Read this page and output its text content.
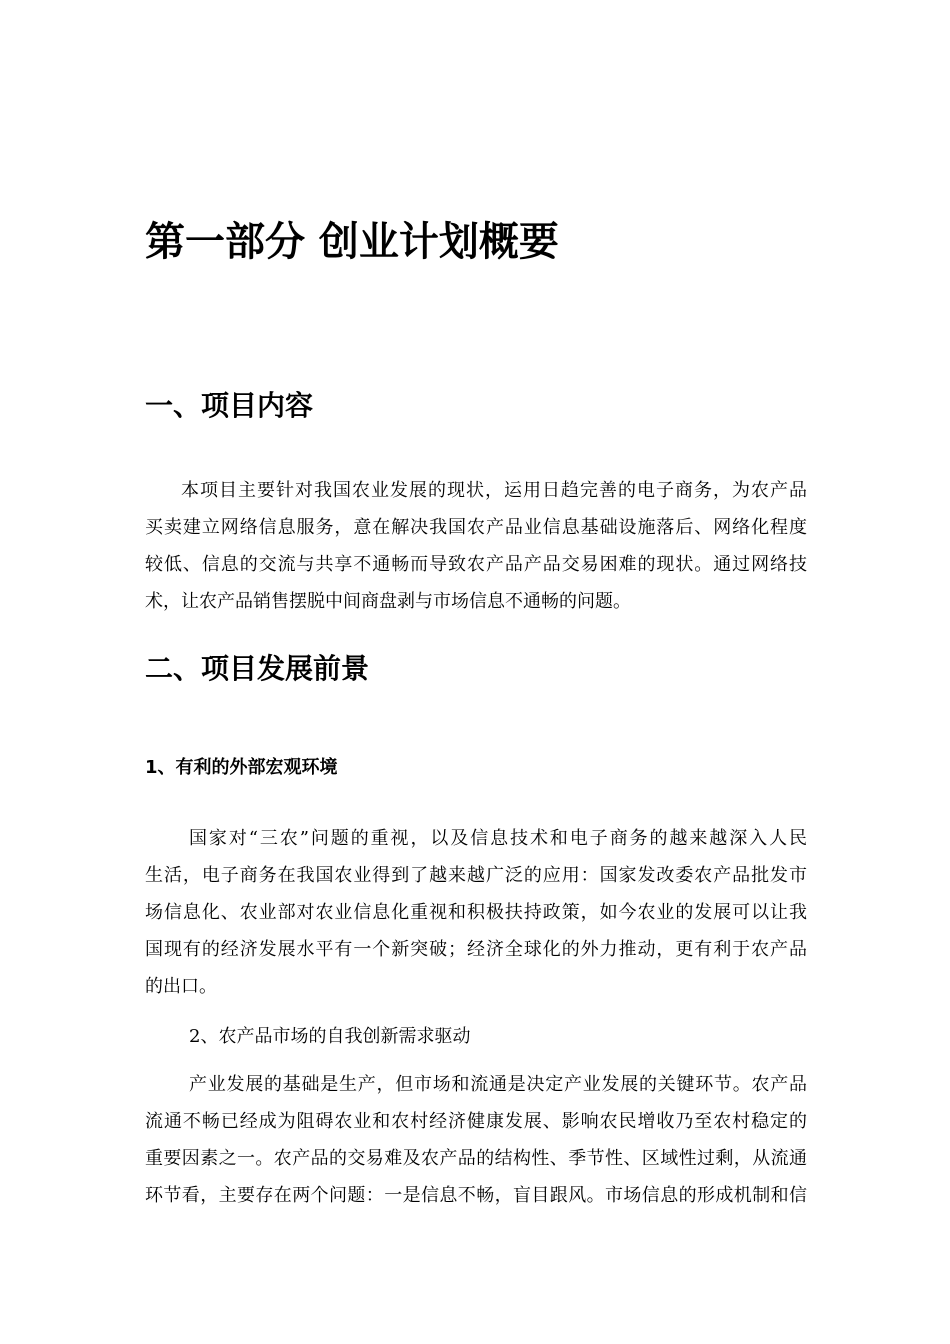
第一部分 创业计划概要
一、项目内容
本项目主要针对我国农业发展的现状，运用日趋完善的电子商务，为农产品
买卖建立网络信息服务，意在解决我国农产品业信息基础设施落后、网络化程度
较低、信息的交流与共享不通畅而导致农产品产品交易困难的现状。通过网络技
术，让农产品销售摆脱中间商盘剥与市场信息不通畅的问题。
二、项目发展前景
1、有利的外部宏观环境
国家对“三农”问题的重视，以及信息技术和电子商务的越来越深入人民
生活，电子商务在我国农业得到了越来越广泛的应用：国家发改委农产品批发市
场信息化、农业部对农业信息化重视和积极扶持政策，如今农业的发展可以让我
国现有的经济发展水平有一个新突破；经济全球化的外力推动，更有利于农产品
的出口。
2、农产品市场的自我创新需求驱动
产业发展的基础是生产，但市场和流通是决定产业发展的关键环节。农产品
流通不畅已经成为阻碍农业和农村经济健康发展、影响农民增收乃至农村稳定的
重要因素之一。农产品的交易难及农产品的结构性、季节性、区域性过剩，从流通
环节看，主要存在两个问题：一是信息不畅，盲目跟风。市场信息的形成机制和信
